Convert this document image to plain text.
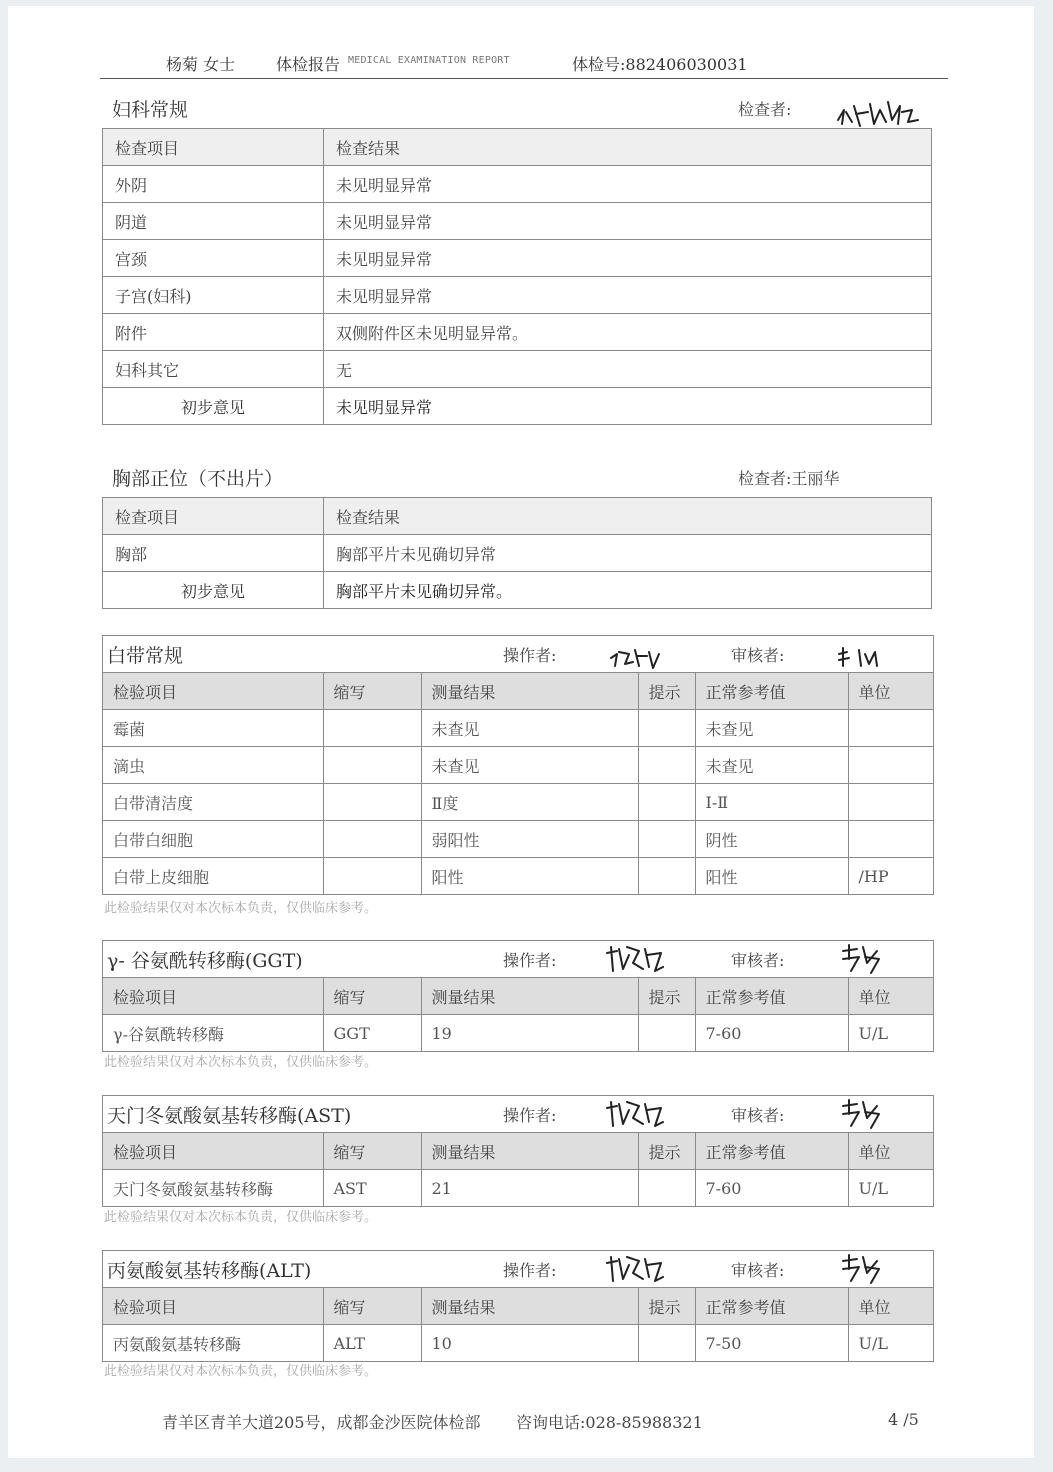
杨菊 女士	体检报告 MEDICAL EXAMINATION REPORT	体检号:882406030031
妇科常规	检查者:
检查项目	检查结果
外阴	未见明显异常
阴道	未见明显异常
宫颈	未见明显异常
子宫(妇科)	未见明显异常
附件	双侧附件区未见明显异常。
妇科其它	无
初步意见	未见明显异常
胸部正位（不出片）	检查者:王丽华
检查项目	检查结果
胸部	胸部平片未见确切异常
初步意见	胸部平片未见确切异常。
白带常规	操作者:	审核者:
检验项目	缩写	测量结果	提示	正常参考值	单位
霉菌		未查见		未查见	
滴虫		未查见		未查见	
白带清洁度		Ⅱ度		Ⅰ-Ⅱ	
白带白细胞		弱阳性		阴性	
白带上皮细胞		阳性		阳性	/HP
此检验结果仅对本次标本负责，仅供临床参考。
γ- 谷氨酰转移酶(GGT)	操作者:	审核者:
检验项目	缩写	测量结果	提示	正常参考值	单位
γ-谷氨酰转移酶	GGT	19		7-60	U/L
此检验结果仅对本次标本负责，仅供临床参考。
天门冬氨酸氨基转移酶(AST)	操作者:	审核者:
检验项目	缩写	测量结果	提示	正常参考值	单位
天门冬氨酸氨基转移酶	AST	21		7-60	U/L
此检验结果仅对本次标本负责，仅供临床参考。
丙氨酸氨基转移酶(ALT)	操作者:	审核者:
检验项目	缩写	测量结果	提示	正常参考值	单位
丙氨酸氨基转移酶	ALT	10		7-50	U/L
此检验结果仅对本次标本负责，仅供临床参考。
青羊区青羊大道205号，成都金沙医院体检部 咨询电话:028-85988321	4 /5
